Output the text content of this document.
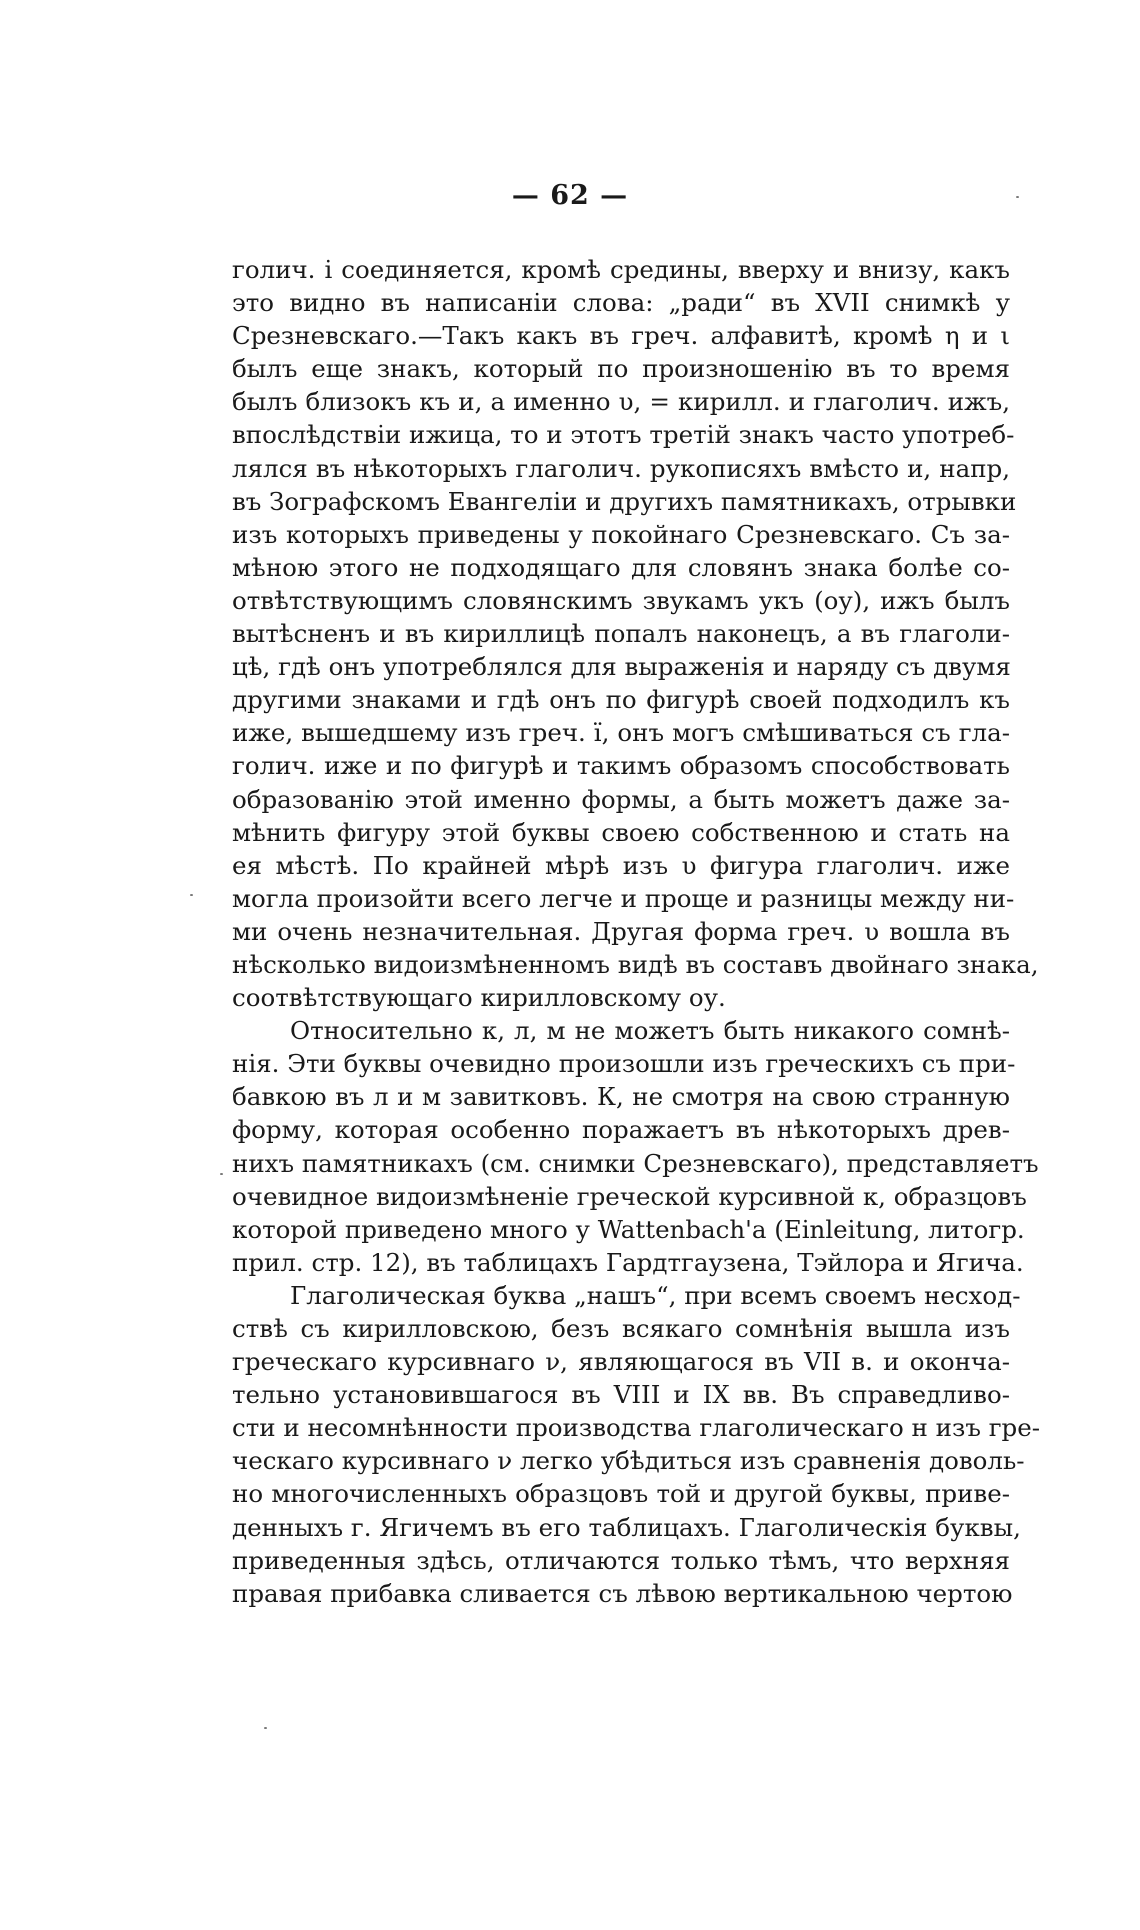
— 62 —
голич. і соединяется, кромѣ средины, вверху и внизу, какъ
это видно въ написаніи слова: „ради“ въ XVII снимкѣ у
Срезневскаго.—Такъ какъ въ греч. алфавитѣ, кромѣ η и ι
былъ еще знакъ, который по произношенію въ то время
былъ близокъ къ и, а именно υ, = кирилл. и глаголич. ижъ,
впослѣдствіи ижица, то и этотъ третій знакъ часто употреб-
лялся въ нѣкоторыхъ глаголич. рукописяхъ вмѣсто и, напр,
въ Зографскомъ Евангеліи и другихъ памятникахъ, отрывки
изъ которыхъ приведены у покойнаго Срезневскаго. Съ за-
мѣною этого не подходящаго для словянъ знака болѣе со-
отвѣтствующимъ словянскимъ звукамъ укъ (оу), ижъ былъ
вытѣсненъ и въ кириллицѣ попалъ наконецъ, а въ глаголи-
цѣ, гдѣ онъ употреблялся для выраженія и наряду съ двумя
другими знаками и гдѣ онъ по фигурѣ своей подходилъ къ
иже, вышедшему изъ греч. ї, онъ могъ смѣшиваться съ гла-
голич. иже и по фигурѣ и такимъ образомъ способствовать
образованію этой именно формы, а быть можетъ даже за-
мѣнить фигуру этой буквы своею собственною и стать на
ея мѣстѣ. По крайней мѣрѣ изъ υ фигура глаголич. иже
могла произойти всего легче и проще и разницы между ни-
ми очень незначительная. Другая форма греч. υ вошла въ
нѣсколько видоизмѣненномъ видѣ въ составъ двойнаго знака,
соотвѣтствующаго кирилловскому оу.
Относительно к, л, м не можетъ быть никакого сомнѣ-
нія. Эти буквы очевидно произошли изъ греческихъ съ при-
бавкою въ л и м завитковъ. К, не смотря на свою странную
форму, которая особенно поражаетъ въ нѣкоторыхъ древ-
нихъ памятникахъ (см. снимки Срезневскаго), представляетъ
очевидное видоизмѣненіе греческой курсивной κ, образцовъ
которой приведено много у Wattenbach'a (Einleitung, литогр.
прил. стр. 12), въ таблицахъ Гардтгаузена, Тэйлора и Ягича.
Глаголическая буква „нашъ“, при всемъ своемъ несход-
ствѣ съ кирилловскою, безъ всякаго сомнѣнія вышла изъ
греческаго курсивнаго ν, являющагося въ VII в. и оконча-
тельно установившагося въ VIII и IX вв. Въ справедливо-
сти и несомнѣнности производства глаголическаго н изъ гре-
ческаго курсивнаго ν легко убѣдиться изъ сравненія доволь-
но многочисленныхъ образцовъ той и другой буквы, приве-
денныхъ г. Ягичемъ въ его таблицахъ. Глаголическія буквы,
приведенныя здѣсь, отличаются только тѣмъ, что верхняя
правая прибавка сливается съ лѣвою вертикальною чертою
